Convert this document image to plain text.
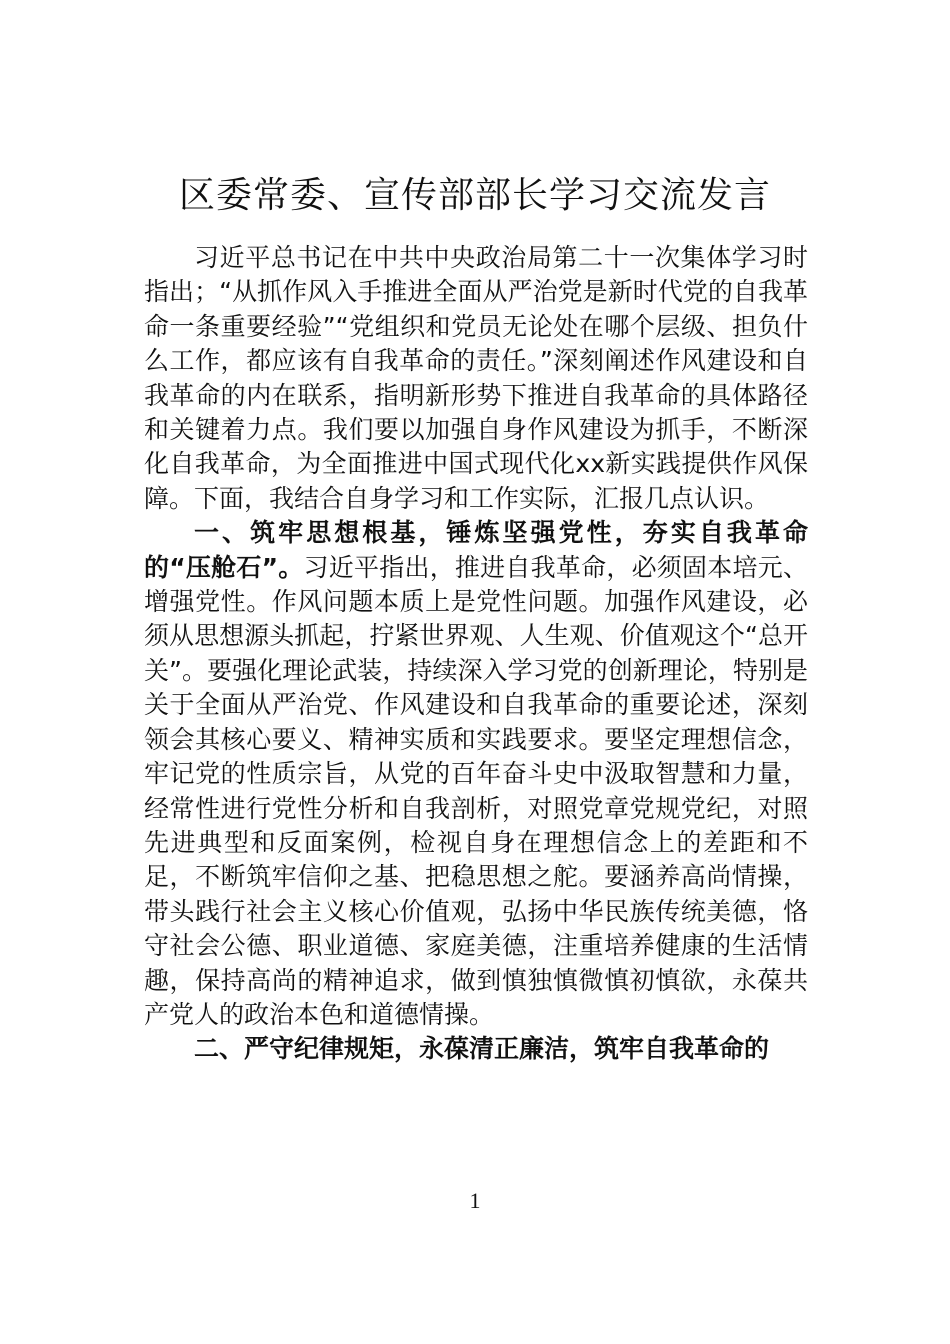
区委常委、宣传部部长学习交流发言

习近平总书记在中共中央政治局第二十一次集体学习时指出；“从抓作风入手推进全面从严治党是新时代党的自我革命一条重要经验”“党组织和党员无论处在哪个层级、担负什么工作，都应该有自我革命的责任。”深刻阐述作风建设和自我革命的内在联系，指明新形势下推进自我革命的具体路径和关键着力点。我们要以加强自身作风建设为抓手，不断深化自我革命，为全面推进中国式现代化xx新实践提供作风保障。下面，我结合自身学习和工作实际，汇报几点认识。

一、筑牢思想根基，锤炼坚强党性，夯实自我革命的“压舱石”。习近平指出，推进自我革命，必须固本培元、增强党性。作风问题本质上是党性问题。加强作风建设，必须从思想源头抓起，拧紧世界观、人生观、价值观这个“总开关”。要强化理论武装，持续深入学习党的创新理论，特别是关于全面从严治党、作风建设和自我革命的重要论述，深刻领会其核心要义、精神实质和实践要求。要坚定理想信念，牢记党的性质宗旨，从党的百年奋斗史中汲取智慧和力量，经常性进行党性分析和自我剖析，对照党章党规党纪，对照先进典型和反面案例，检视自身在理想信念上的差距和不足，不断筑牢信仰之基、把稳思想之舵。要涵养高尚情操，带头践行社会主义核心价值观，弘扬中华民族传统美德，恪守社会公德、职业道德、家庭美德，注重培养健康的生活情趣，保持高尚的精神追求，做到慎独慎微慎初慎欲，永葆共产党人的政治本色和道德情操。

二、严守纪律规矩，永葆清正廉洁，筑牢自我革命的

1
